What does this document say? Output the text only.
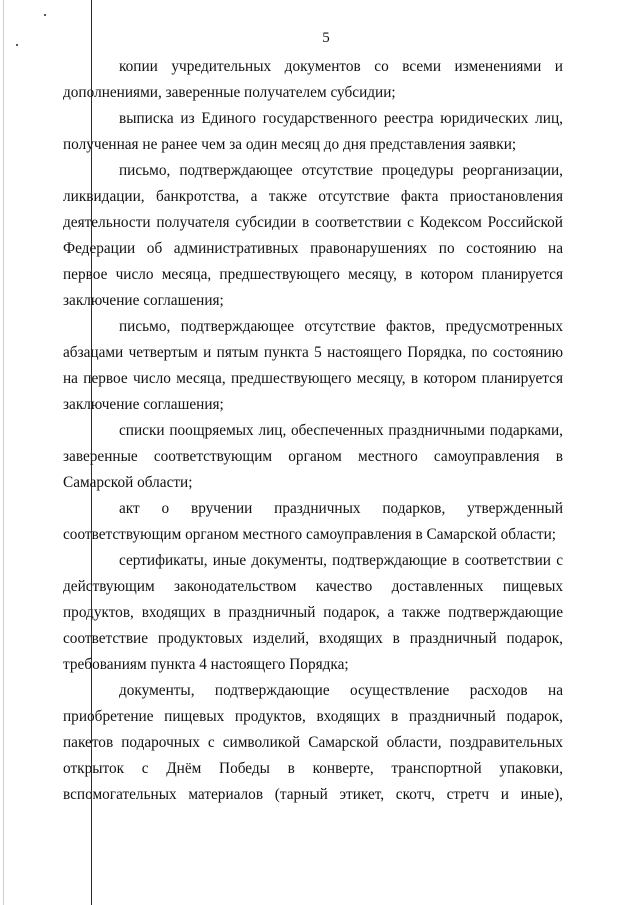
5

копии учредительных документов со всеми изменениями и дополнениями, заверенные получателем субсидии;

выписка из Единого государственного реестра юридических лиц, полученная не ранее чем за один месяц до дня представления заявки;

письмо, подтверждающее отсутствие процедуры реорганизации, ликвидации, банкротства, а также отсутствие факта приостановления деятельности получателя субсидии в соответствии с Кодексом Российской Федерации об административных правонарушениях по состоянию на первое число месяца, предшествующего месяцу, в котором планируется заключение соглашения;

письмо, подтверждающее отсутствие фактов, предусмотренных абзацами четвертым и пятым пункта 5 настоящего Порядка, по состоянию на первое число месяца, предшествующего месяцу, в котором планируется заключение соглашения;

списки поощряемых лиц, обеспеченных праздничными подарками, заверенные соответствующим органом местного самоуправления в Самарской области;

акт о вручении праздничных подарков, утвержденный соответствующим органом местного самоуправления в Самарской области;

сертификаты, иные документы, подтверждающие в соответствии с действующим законодательством качество доставленных пищевых продуктов, входящих в праздничный подарок, а также подтверждающие соответствие продуктовых изделий, входящих в праздничный подарок, требованиям пункта 4 настоящего Порядка;

документы, подтверждающие осуществление расходов на приобретение пищевых продуктов, входящих в праздничный подарок, пакетов подарочных с символикой Самарской области, поздравительных открыток с Днём Победы в конверте, транспортной упаковки, вспомогательных материалов (тарный этикет, скотч, стретч и иные),
